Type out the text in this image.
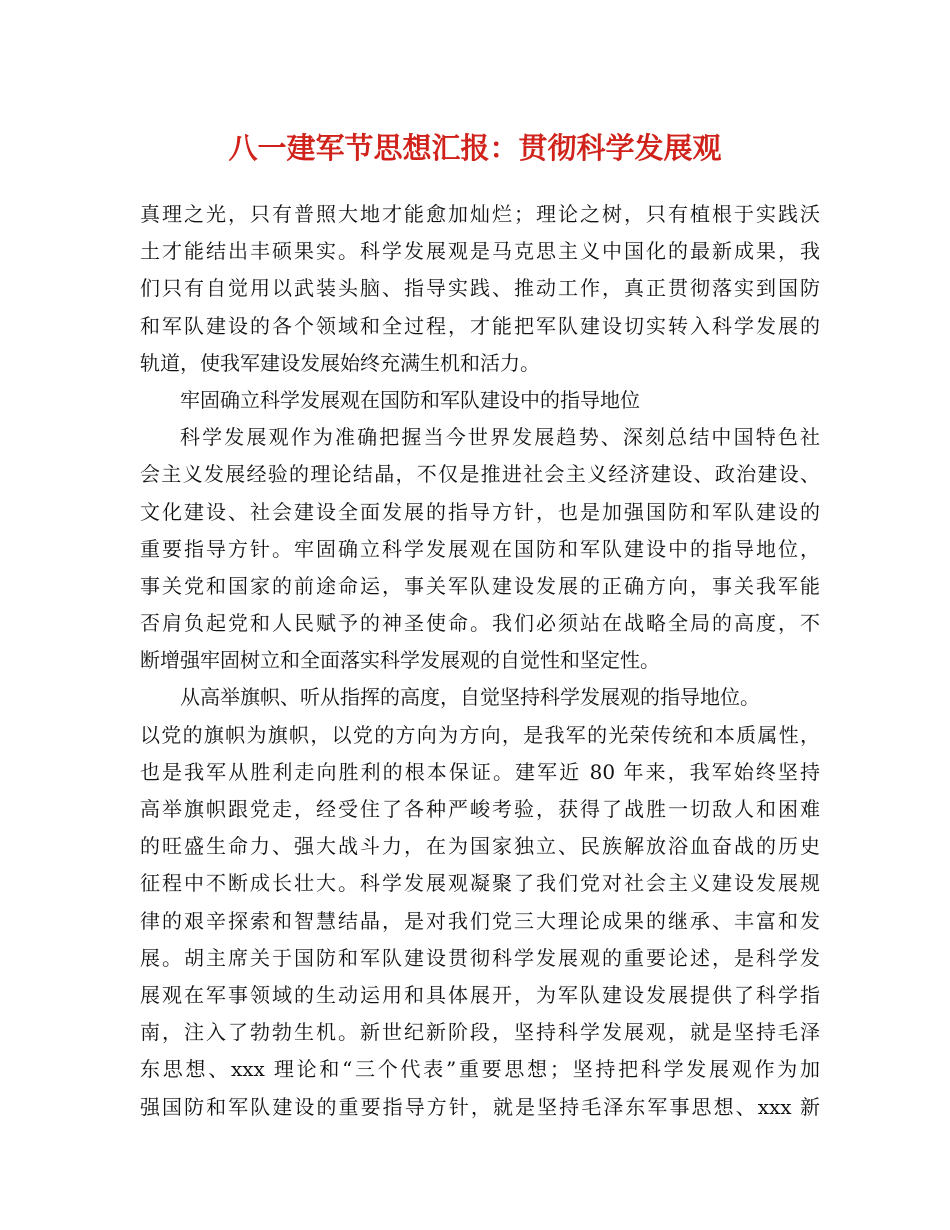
八一建军节思想汇报：贯彻科学发展观
真理之光，只有普照大地才能愈加灿烂；理论之树，只有植根于实践沃
土才能结出丰硕果实。科学发展观是马克思主义中国化的最新成果，我
们只有自觉用以武装头脑、指导实践、推动工作，真正贯彻落实到国防
和军队建设的各个领域和全过程，才能把军队建设切实转入科学发展的
轨道，使我军建设发展始终充满生机和活力。
牢固确立科学发展观在国防和军队建设中的指导地位
科学发展观作为准确把握当今世界发展趋势、深刻总结中国特色社
会主义发展经验的理论结晶，不仅是推进社会主义经济建设、政治建设、
文化建设、社会建设全面发展的指导方针，也是加强国防和军队建设的
重要指导方针。牢固确立科学发展观在国防和军队建设中的指导地位，
事关党和国家的前途命运，事关军队建设发展的正确方向，事关我军能
否肩负起党和人民赋予的神圣使命。我们必须站在战略全局的高度，不
断增强牢固树立和全面落实科学发展观的自觉性和坚定性。
从高举旗帜、听从指挥的高度，自觉坚持科学发展观的指导地位。
以党的旗帜为旗帜，以党的方向为方向，是我军的光荣传统和本质属性，
也是我军从胜利走向胜利的根本保证。建军近 80 年来，我军始终坚持
高举旗帜跟党走，经受住了各种严峻考验，获得了战胜一切敌人和困难
的旺盛生命力、强大战斗力，在为国家独立、民族解放浴血奋战的历史
征程中不断成长壮大。科学发展观凝聚了我们党对社会主义建设发展规
律的艰辛探索和智慧结晶，是对我们党三大理论成果的继承、丰富和发
展。胡主席关于国防和军队建设贯彻科学发展观的重要论述，是科学发
展观在军事领域的生动运用和具体展开，为军队建设发展提供了科学指
南，注入了勃勃生机。新世纪新阶段，坚持科学发展观，就是坚持毛泽
东思想、xxx 理论和“三个代表”重要思想；坚持把科学发展观作为加
强国防和军队建设的重要指导方针，就是坚持毛泽东军事思想、xxx 新
